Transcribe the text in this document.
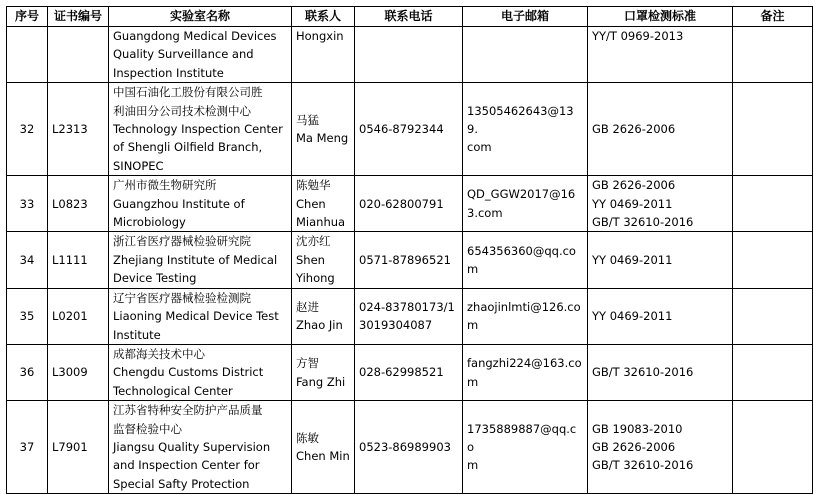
序号	证书编号	实验室名称	联系人	联系电话	电子邮箱	口罩检测标准	备注
		Guangdong Medical Devices
Quality Surveillance and
Inspection Institute	Hongxin			YY/T 0969-2013	
32	L2313	中国石油化工股份有限公司胜
利油田分公司技术检测中心
Technology Inspection Center
of Shengli Oilfield Branch,
SINOPEC	马猛
Ma Meng	0546-8792344	13505462643@139.
com	GB 2626-2006	
33	L0823	广州市微生物研究所
Guangzhou Institute of
Microbiology	陈勉华
Chen
Mianhua	020-62800791	QD_GGW2017@16
3.com	GB 2626-2006
YY 0469-2011
GB/T 32610-2016	
34	L1111	浙江省医疗器械检验研究院
Zhejiang Institute of Medical
Device Testing	沈亦红
Shen
Yihong	0571-87896521	654356360@qq.co
m	YY 0469-2011	
35	L0201	辽宁省医疗器械检验检测院
Liaoning Medical Device Test
Institute	赵进
Zhao Jin	024-83780173/1
3019304087	zhaojinlmti@126.co
m	YY 0469-2011	
36	L3009	成都海关技术中心
Chengdu Customs District
Technological Center	方智
Fang Zhi	028-62998521	fangzhi224@163.co
m	GB/T 32610-2016	
37	L7901	江苏省特种安全防护产品质量
监督检验中心
Jiangsu Quality Supervision
and Inspection Center for
Special Safty Protection	陈敏
Chen Min	0523-86989903	1735889887@qq.co
m	GB 19083-2010
GB 2626-2006
GB/T 32610-2016	
